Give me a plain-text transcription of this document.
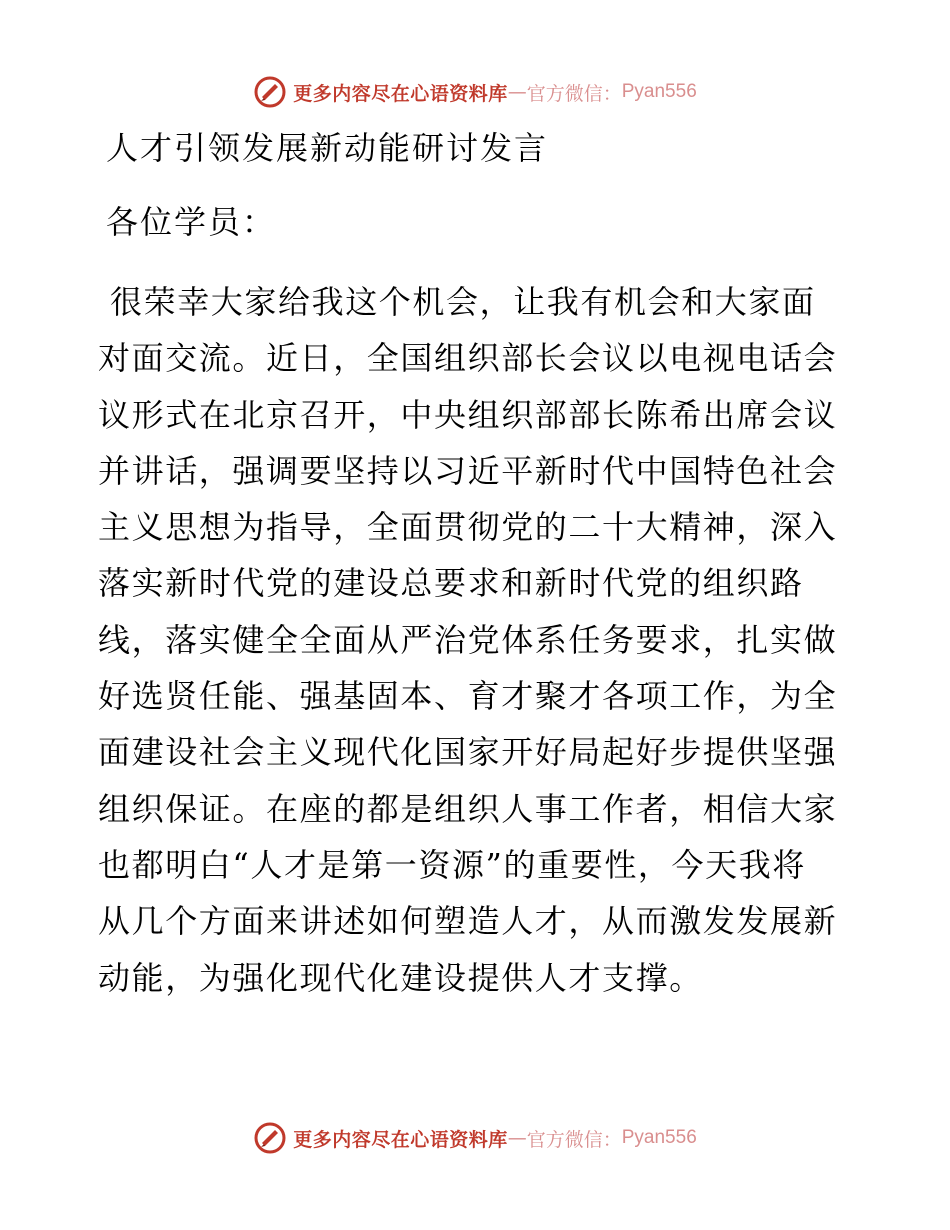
更多内容尽在心语资料库 — 官方微信： Pyan556
人才引领发展新动能研讨发言

各位学员：

很荣幸大家给我这个机会，让我有机会和大家面
对面交流。近日，全国组织部长会议以电视电话会
议形式在北京召开，中央组织部部长陈希出席会议
并讲话，强调要坚持以习近平新时代中国特色社会
主义思想为指导，全面贯彻党的二十大精神，深入
落实新时代党的建设总要求和新时代党的组织路
线，落实健全全面从严治党体系任务要求，扎实做
好选贤任能、强基固本、育才聚才各项工作，为全
面建设社会主义现代化国家开好局起好步提供坚强
组织保证。在座的都是组织人事工作者，相信大家
也都明白“人才是第一资源”的重要性，今天我将
从几个方面来讲述如何塑造人才，从而激发发展新
动能，为强化现代化建设提供人才支撑。
更多内容尽在心语资料库 — 官方微信： Pyan556
